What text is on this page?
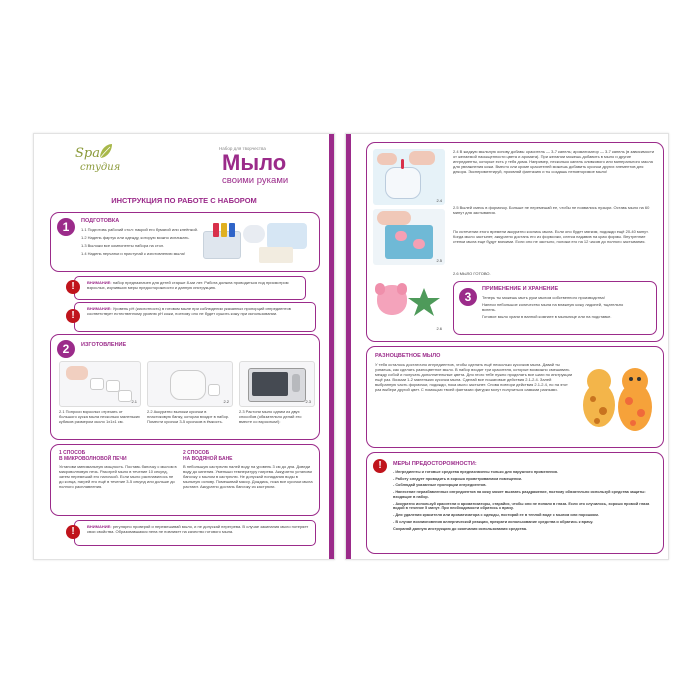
Spa
студия
Набор для творчества
Мыло
своими руками
ИНСТРУКЦИЯ ПО РАБОТЕ С НАБОРОМ
1	ПОДГОТОВКА
1.1 Подготовь рабочий стол: накрой его бумагой или клеёнкой.
1.2 Надень фартук или одежду, которую можно испачкать.
1.3 Выложи все компоненты набора на стол.
1.4 Надень перчатки и приступай к изготовлению мыла!
!	ВНИМАНИЕ: набор предназначен для детей старше 8-ми лет. Работа должна проводиться под присмотром взрослых, изучивших меры предосторожности и данную инструкцию.
!
ВНИМАНИЕ: Уровень pH (кислотность) в готовом мыле при соблюдении указанных пропорций ингредиентов соответствует естественному уровню pH кожи, поэтому оно не будет сушить кожу при использовании.
2	ИЗГОТОВЛЕНИЕ
2.1	2.2	2.3
2.1 Попроси взрослых отрезать от большого куска мыла несколько маленьких кубиков размером около 1x1x1 см.
2.2 Аккуратно выложи кусочки в пластиковую банку, которая входит в набор. Помести кусочки 3-5 кусочков в ёмкость.
2.3 Растопи мыло одним из двух способов (обязательно делай это вместе со взрослым!):
1 СПОСОБ
В МИКРОВОЛНОВОЙ ПЕЧИ
Установи минимальную мощность. Поставь баночку с мылом в микроволновую печь. Разогрей мыло в течение 10 секунд, затем перемешай его палочкой. Если мыло расплавилось не до конца, нагрей его ещё в течение 3-5 секунд или дольше до полного расплавления.
2 СПОСОБ
НА ВОДЯНОЙ БАНЕ
В небольшую кастрюлю налей воду на уровень 3 см до дна. Доведи воду до кипения. Уменьши температуру нагрева. Аккуратно установи баночку с мылом в кастрюлю. Не допускай попадания воды в мыльную основу. Помешивай массу. Дождись, пока все кусочки мыла растают. Аккуратно достань баночку из кастрюли.
!	ВНИМАНИЕ: регулярно проверяй и перемешивай мыло, и не допускай перегрева. В случае закипания мыло потеряет свои свойства. Образовавшаяся пена не повлияет на качество готового мыла.
2.4
2.5
2.6
2.4 В жидкую мыльную основу добавь: краситель — 3-7 капель; ароматизатор — 3-7 капель (в зависимости от желаемой насыщенности цвета и аромата). При желании можешь добавить в мыло и другие ингредиенты, которые есть у тебя дома. Например, несколько капель оливкового или минерального масла для увлажнения кожи. Вместо или кроме красителей можешь добавить кусочки других элементов для декора. Экспериментируй, проявляй фантазию и ты создашь неповторимое мыло!
2.5 Вылей смесь в формочку. Больше не перемешай ее, чтобы не появились пузыри. Оставь мыло на 60 минут для застывания.
По истечении этого времени аккуратно коснись мыла. Если оно будет мягким, подожди ещё 20-40 минут. Когда мыло застынет, аккуратно достань его из формочки, слегка надавив на края формы. Внутренние стенки мыла еще будут мягкими. Если оно не застыло, положи его на 12 часов до полного застывания.
2.6 МЫЛО ГОТОВО.
3
ПРИМЕНЕНИЕ И ХРАНЕНИЕ
Теперь ты можешь мыть руки мылом собственного производства!
Нанеси небольшое количество мыла на влажную кожу ладоней, тщательно вспень.
Готовое мыло храни в ванной комнате в мыльнице или на подставке.
РАЗНОЦВЕТНОЕ МЫЛО
У тебя осталось достаточно ингредиентов, чтобы сделать ещё несколько кусочков мыла. Давай ты узнаешь, как сделать разноцветное мыло. В набор входит три красителя, которые возможно смешивать между собой и получать дополнительные цвета. Для этого тебе нужно проделать все шаги по инструкции ещё раз. Возьми 1-2 маленьких кусочка мыла. Сделай все пошаговые действия 2.1-2.4. Залей выбранную часть формочки, подожди, пока мыло застынет. Снова повтори действия 2.1-2.4, но на этот раз выбери другой цвет. С помощью твоей фантазии фигурки могут получиться самыми разными.
!	МЕРЫ ПРЕДОСТОРОЖНОСТИ:
- Ингредиенты и готовые средства предназначены только для наружного применения.
- Работу следует проводить в хорошо проветриваемом помещении.
- Соблюдай указанные пропорции ингредиентов.
- Нанесение неразбавленных ингредиентов на кожу может вызвать раздражение, поэтому обязательно используй средства защиты: входящие в набор.
- Аккуратно используй красители и ароматизаторы, старайся, чтобы они не попали в глаза. Если это случилось, хорошо промой глаза водой в течение 5 минут. При необходимости обратись к врачу.
- Для удаления красителя или ароматизатора с одежды, постирай ее в теплой воде с мылом или порошком.
- В случае возникновения аллергической реакции, прекрати использование средства и обратись к врачу.
Сохраняй данную инструкцию до окончания использования средства.
